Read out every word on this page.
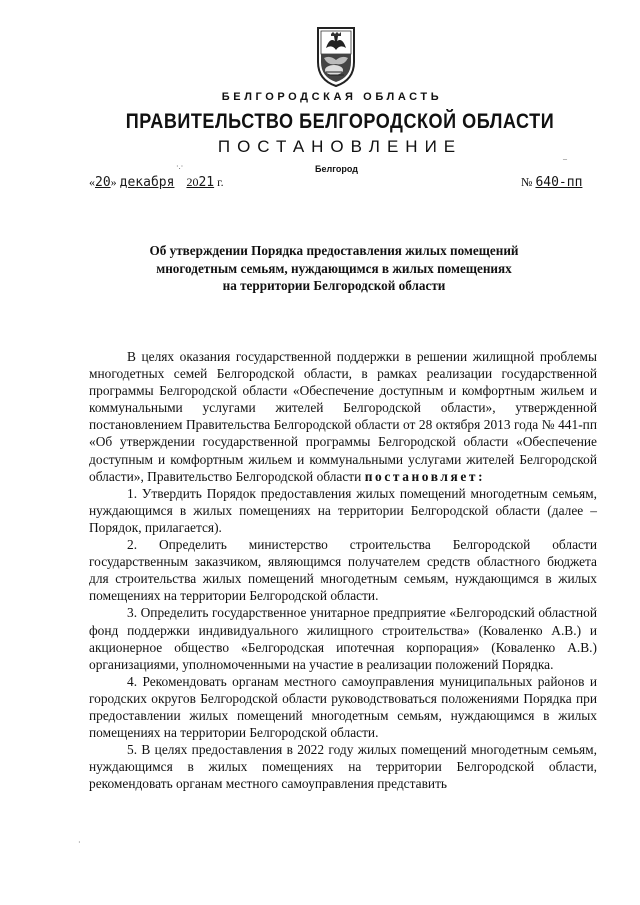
БЕЛГОРОДСКАЯ ОБЛАСТЬ
ПРАВИТЕЛЬСТВО БЕЛГОРОДСКОЙ ОБЛАСТИ
ПОСТАНОВЛЕНИЕ
Белгород
«20» декабря 2021 г.	№ 640-пп
Об утверждении Порядка предоставления жилых помещений
многодетным семьям, нуждающимся в жилых помещениях
на территории Белгородской области

В целях оказания государственной поддержки в решении жилищной проблемы многодетных семей Белгородской области, в рамках реализации государственной программы Белгородской области «Обеспечение доступным и комфортным жильем и коммунальными услугами жителей Белгородской области», утвержденной постановлением Правительства Белгородской области от 28 октября 2013 года № 441-пп «Об утверждении государственной программы Белгородской области «Обеспечение доступным и комфортным жильем и коммунальными услугами жителей Белгородской области», Правительство Белгородской области постановляет:

1. Утвердить Порядок предоставления жилых помещений многодетным семьям, нуждающимся в жилых помещениях на территории Белгородской области (далее – Порядок, прилагается).

2. Определить министерство строительства Белгородской области государственным заказчиком, являющимся получателем средств областного бюджета для строительства жилых помещений многодетным семьям, нуждающимся в жилых помещениях на территории Белгородской области.

3. Определить государственное унитарное предприятие «Белгородский областной фонд поддержки индивидуального жилищного строительства» (Коваленко А.В.) и акционерное общество «Белгородская ипотечная корпорация» (Коваленко А.В.) организациями, уполномоченными на участие в реализации положений Порядка.

4. Рекомендовать органам местного самоуправления муниципальных районов и городских округов Белгородской области руководствоваться положениями Порядка при предоставлении жилых помещений многодетным семьям, нуждающимся в жилых помещениях на территории Белгородской области.

5. В целях предоставления в 2022 году жилых помещений многодетным семьям, нуждающимся в жилых помещениях на территории Белгородской области, рекомендовать органам местного самоуправления представить

·.·
–
·
